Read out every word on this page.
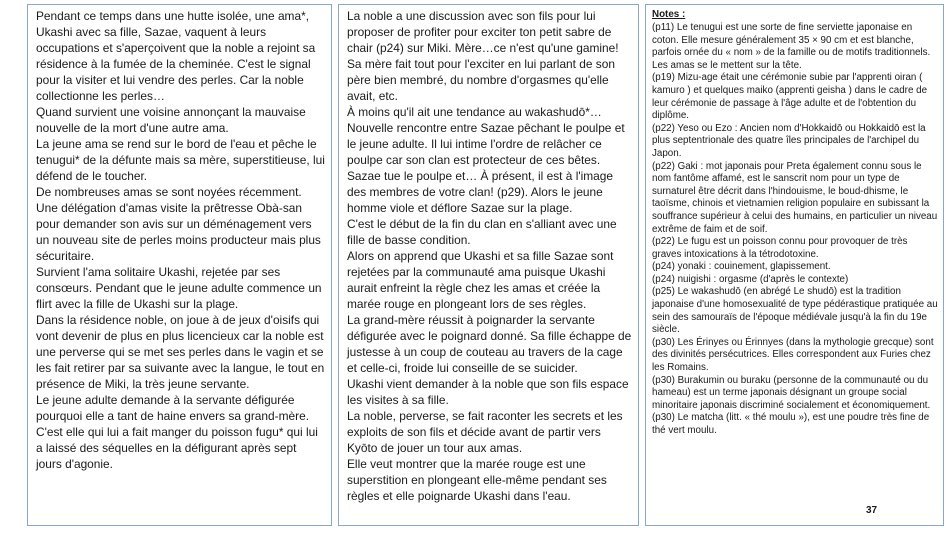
Pendant ce temps dans une hutte isolée, une ama*, Ukashi avec sa fille, Sazae, vaquent à leurs occupations et s'aperçoivent que la noble a rejoint sa résidence à la fumée de la cheminée. C'est le signal pour la visiter et lui vendre des perles. Car la noble collectionne les perles…

Quand survient une voisine annonçant la mauvaise nouvelle de la mort d'une autre ama.

La jeune ama se rend sur le bord de l'eau et pêche le tenugui* de la défunte mais sa mère, superstitieuse, lui défend de le toucher.

De nombreuses amas se sont noyées récemment.

Une délégation d'amas visite la prêtresse Obà-san pour demander son avis sur un déménagement vers un nouveau site de perles moins producteur mais plus sécuritaire.

Survient l'ama solitaire Ukashi, rejetée par ses consœurs. Pendant que le jeune adulte commence un flirt avec la fille de Ukashi sur la plage.

Dans la résidence noble, on joue à de jeux d'oisifs qui vont devenir de plus en plus licencieux car la noble est une perverse qui se met ses perles dans le vagin et se les fait retirer par sa suivante avec la langue, le tout en présence de Miki, la très jeune servante.

Le jeune adulte demande à la servante défigurée pourquoi elle a tant de haine envers sa grand-mère.

C'est elle qui lui a fait manger du poisson fugu* qui lui a laissé des séquelles en la défigurant après sept jours d'agonie.

La noble a une discussion avec son fils pour lui proposer de profiter pour exciter ton petit sabre de chair (p24) sur Miki. Mère…ce n'est qu'une gamine! Sa mère fait tout pour l'exciter en lui parlant de son père bien membré, du nombre d'orgasmes qu'elle avait, etc.

À moins qu'il ait une tendance au wakashudō*… Nouvelle rencontre entre Sazae pêchant le poulpe et le jeune adulte. Il lui intime l'ordre de relâcher ce poulpe car son clan est protecteur de ces bêtes. Sazae tue le poulpe et… À présent, il est à l'image des membres de votre clan! (p29). Alors le jeune homme viole et déflore Sazae sur la plage.

C'est le début de la fin du clan en s'alliant avec une fille de basse condition.

Alors on apprend que Ukashi et sa fille Sazae sont rejetées par la communauté ama puisque Ukashi aurait enfreint la règle chez les amas et créée la marée rouge en plongeant lors de ses règles.

La grand-mère réussit à poignarder la servante défigurée avec le poignard donné. Sa fille échappe de justesse à un coup de couteau au travers de la cage et celle-ci, froide lui conseille de se suicider.

Ukashi vient demander à la noble que son fils espace les visites à sa fille.

La noble, perverse, se fait raconter les secrets et les exploits de son fils et décide avant de partir vers Kyōto de jouer un tour aux amas.

Elle veut montrer que la marée rouge est une superstition en plongeant elle-même pendant ses règles et elle poignarde Ukashi dans l'eau.

Notes :

(p11) Le tenugui est une sorte de fine serviette japonaise en coton. Elle mesure généralement 35 × 90 cm et est blanche, parfois ornée du « nom » de la famille ou de motifs traditionnels. Les amas se le mettent sur la tête.

(p19) Mizu-age était une cérémonie subie par l'apprenti oiran ( kamuro ) et quelques maiko (apprenti geisha ) dans le cadre de leur cérémonie de passage à l'âge adulte et de l'obtention du diplôme.

(p22) Yeso ou Ezo : Ancien nom d'Hokkaidō ou Hokkaidō est la plus septentrionale des quatre îles principales de l'archipel du Japon.

(p22) Gaki : mot japonais pour Preta également connu sous le nom fantôme affamé, est le sanscrit nom pour un type de surnaturel être décrit dans l'hindouisme, le boud-dhisme, le taoïsme, chinois et vietnamien religion populaire en subissant la souffrance supérieur à celui des humains, en particulier un niveau extrême de faim et de soif.

(p22) Le fugu est un poisson connu pour provoquer de très graves intoxications à la tétrodotoxine.

(p24) yonaki : couinement, glapissement.

(p24) nuigishi : orgasme (d'après le contexte)

(p25) Le wakashudō (en abrégé Le shudō) est la tradition japonaise d'une homosexualité de type pédérastique pratiquée au sein des samouraïs de l'époque médiévale jusqu'à la fin du 19e siècle.

(p30) Les Érinyes ou Érinnyes (dans la mythologie grecque) sont des divinités persécutrices. Elles correspondent aux Furies chez les Romains.

(p30) Burakumin ou buraku (personne de la communauté ou du hameau) est un terme japonais désignant un groupe social minoritaire japonais discriminé socialement et économiquement.

(p30) Le matcha (litt. « thé moulu »), est une poudre très fine de thé vert moulu.

37
